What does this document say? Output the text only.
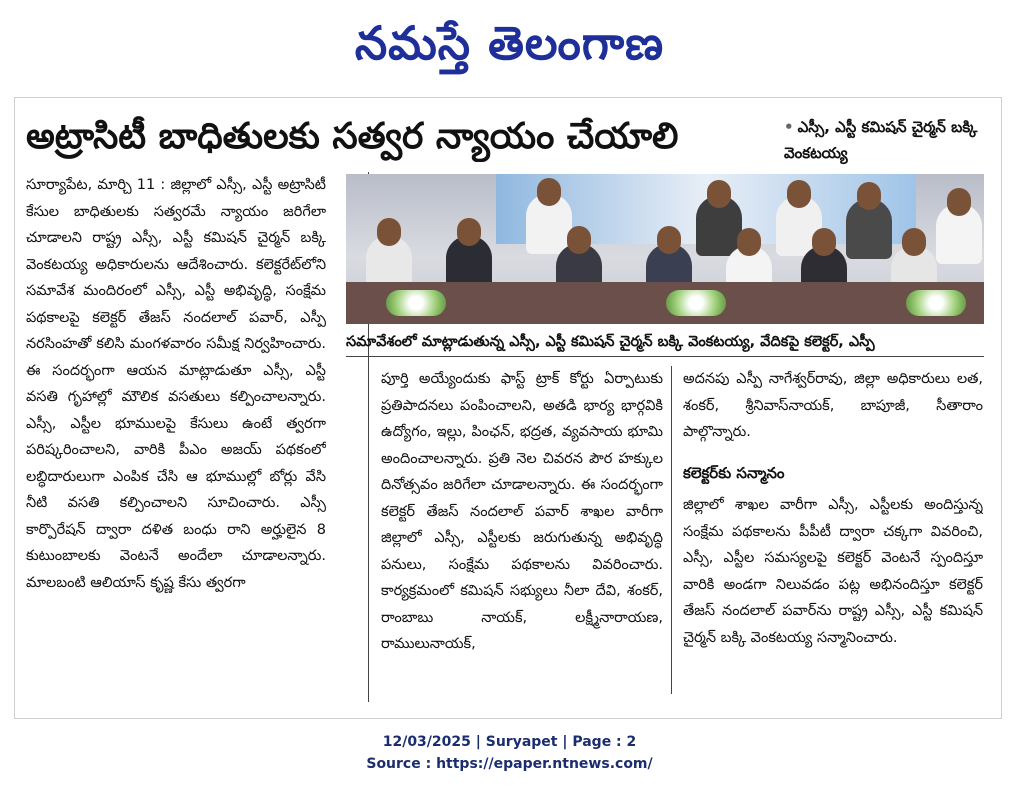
నమస్తే తెలంగాణ
అట్రాసిటీ బాధితులకు సత్వర న్యాయం చేయాలి	• ఎస్సీ, ఎస్టీ కమిషన్ చైర్మన్ బక్కి వెంకటయ్య
సూర్యాపేట, మార్చి 11 : జిల్లాలో ఎస్సీ, ఎస్టీ అట్రాసిటీ కేసుల బాధితులకు సత్వరమే న్యాయం జరిగేలా చూడాలని రాష్ట్ర ఎస్సీ, ఎస్టీ కమిషన్ చైర్మన్ బక్కి వెంకటయ్య అధికారులను ఆదేశించారు. కలెక్టరేట్‌లోని సమావేశ మందిరంలో ఎస్సీ, ఎస్టీ అభివృద్ధి, సంక్షేమ పథకాలపై కలెక్టర్ తేజస్ నందలాల్ పవార్, ఎస్పీ నరసింహతో కలిసి మంగళవారం సమీక్ష నిర్వహించారు. ఈ సందర్భంగా ఆయన మాట్లాడుతూ ఎస్సీ, ఎస్టీ వసతి గృహాల్లో మౌలిక వసతులు కల్పించాలన్నారు. ఎస్సీ, ఎస్టీల భూములపై కేసులు ఉంటే త్వరగా పరిష్కరించాలని, వారికి పీఎం అజయ్ పథకంలో లబ్ధిదారులుగా ఎంపిక చేసి ఆ భూముల్లో బోర్లు వేసి నీటి వసతి కల్పించాలని సూచించారు. ఎస్సీ కార్పొరేషన్ ద్వారా దళిత బంధు రాని అర్హులైన 8 కుటుంబాలకు వెంటనే అందేలా చూడాలన్నారు. మాలబంటి ఆలియాస్ కృష్ణ కేసు త్వరగా
సమావేశంలో మాట్లాడుతున్న ఎస్సీ, ఎస్టీ కమిషన్ చైర్మన్ బక్కి వెంకటయ్య, వేదికపై కలెక్టర్, ఎస్పీ
పూర్తి అయ్యేందుకు ఫాస్ట్ ట్రాక్ కోర్టు ఏర్పాటుకు ప్రతిపాదనలు పంపించాలని, అతడి భార్య భార్గవికి ఉద్యోగం, ఇల్లు, పింఛన్, భద్రత, వ్యవసాయ భూమి అందించాలన్నారు. ప్రతి నెల చివరన పౌర హక్కుల దినోత్సవం జరిగేలా చూడాలన్నారు. ఈ సందర్భంగా కలెక్టర్ తేజస్ నందలాల్ పవార్ శాఖల వారీగా జిల్లాలో ఎస్సీ, ఎస్టీలకు జరుగుతున్న అభివృద్ధి పనులు, సంక్షేమ పథకాలను వివరించారు. కార్యక్రమంలో కమిషన్ సభ్యులు నీలా దేవి, శంకర్, రాంబాబు నాయక్, లక్ష్మీనారాయణ, రాములునాయక్,
అదనపు ఎస్పీ నాగేశ్వర్‌రావు, జిల్లా అధికారులు లత, శంకర్, శ్రీనివాస్‌నాయక్, బాపూజీ, సీతారాం పాల్గొన్నారు.
కలెక్టర్‌కు సన్మానం
జిల్లాలో శాఖల వారీగా ఎస్సీ, ఎస్టీలకు అందిస్తున్న సంక్షేమ పథకాలను పీపీటీ ద్వారా చక్కగా వివరించి, ఎస్సీ, ఎస్టీల సమస్యలపై కలెక్టర్ వెంటనే స్పందిస్తూ వారికి అండగా నిలువడం పట్ల అభినందిస్తూ కలెక్టర్ తేజస్ నందలాల్ పవార్‌ను రాష్ట్ర ఎస్సీ, ఎస్టీ కమిషన్ చైర్మన్ బక్కి వెంకటయ్య సన్మానించారు.
12/03/2025 | Suryapet | Page : 2
Source : https://epaper.ntnews.com/
